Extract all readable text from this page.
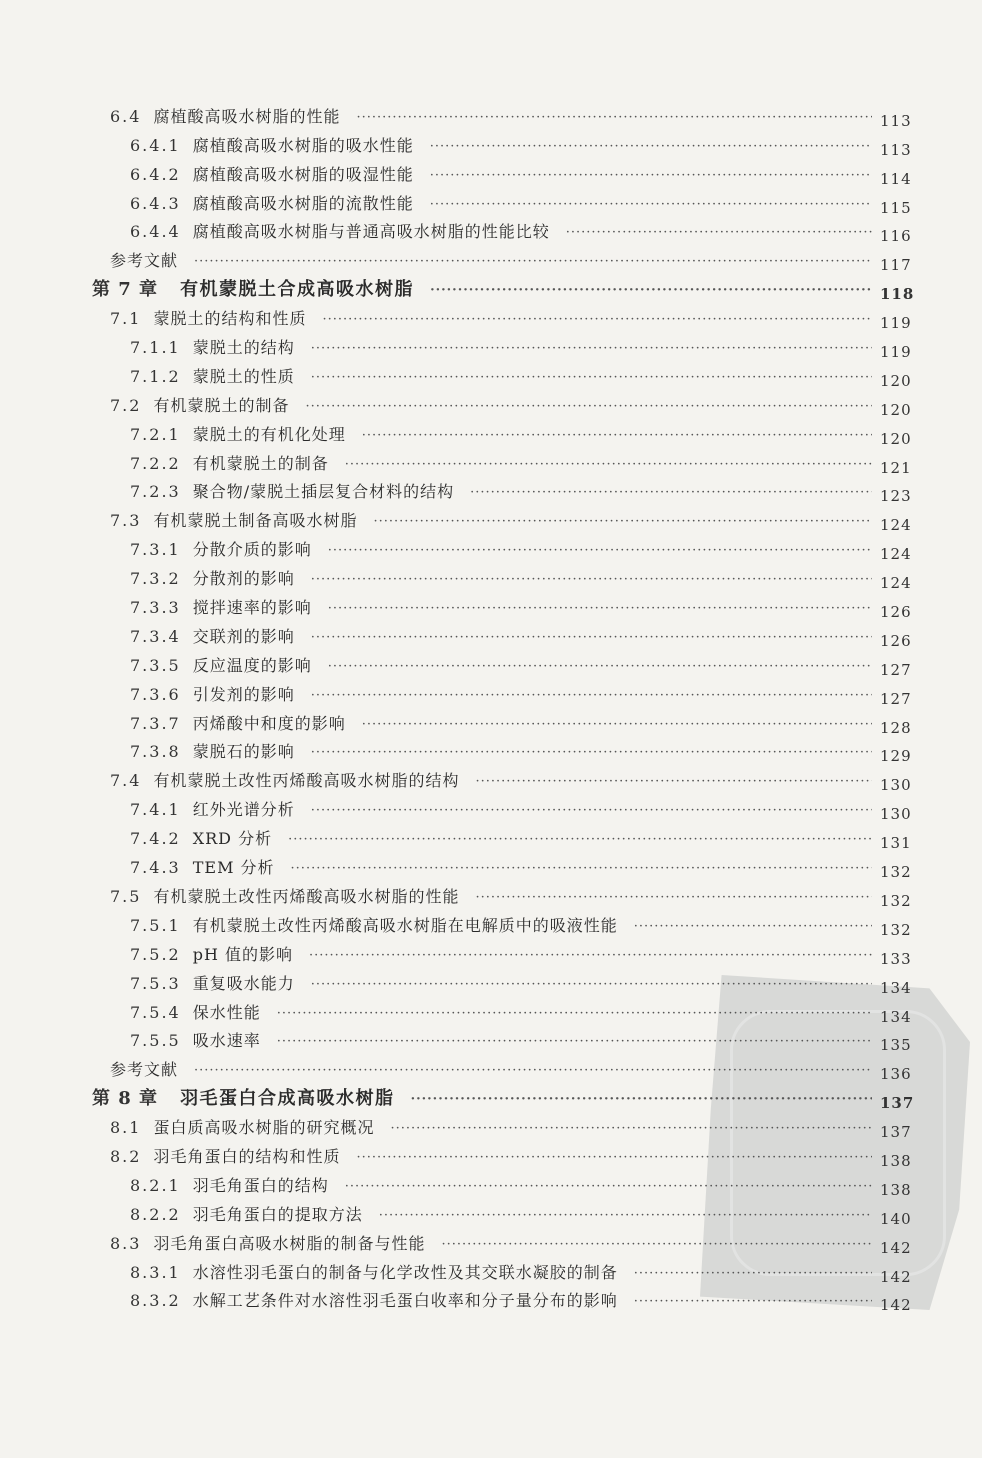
6.4 腐植酸高吸水树脂的性能 ·····	113
6.4.1 腐植酸高吸水树脂的吸水性能 ·····	113
6.4.2 腐植酸高吸水树脂的吸湿性能 ·····	114
6.4.3 腐植酸高吸水树脂的流散性能 ·····	115
6.4.4 腐植酸高吸水树脂与普通高吸水树脂的性能比较 ·····	116
参考文献 ·····	117
第 7 章 有机蒙脱土合成高吸水树脂 ·····	118
7.1 蒙脱土的结构和性质 ·····	119
7.1.1 蒙脱土的结构 ·····	119
7.1.2 蒙脱土的性质 ·····	120
7.2 有机蒙脱土的制备 ·····	120
7.2.1 蒙脱土的有机化处理 ·····	120
7.2.2 有机蒙脱土的制备 ·····	121
7.2.3 聚合物/蒙脱土插层复合材料的结构 ·····	123
7.3 有机蒙脱土制备高吸水树脂 ·····	124
7.3.1 分散介质的影响 ·····	124
7.3.2 分散剂的影响 ·····	124
7.3.3 搅拌速率的影响 ·····	126
7.3.4 交联剂的影响 ·····	126
7.3.5 反应温度的影响 ·····	127
7.3.6 引发剂的影响 ·····	127
7.3.7 丙烯酸中和度的影响 ·····	128
7.3.8 蒙脱石的影响 ·····	129
7.4 有机蒙脱土改性丙烯酸高吸水树脂的结构 ·····	130
7.4.1 红外光谱分析 ·····	130
7.4.2 XRD 分析 ·····	131
7.4.3 TEM 分析 ·····	132
7.5 有机蒙脱土改性丙烯酸高吸水树脂的性能 ·····	132
7.5.1 有机蒙脱土改性丙烯酸高吸水树脂在电解质中的吸液性能 ·····	132
7.5.2 pH 值的影响 ·····	133
7.5.3 重复吸水能力 ·····	134
7.5.4 保水性能 ·····	134
7.5.5 吸水速率 ·····	135
参考文献 ·····	136
第 8 章 羽毛蛋白合成高吸水树脂 ·····	137
8.1 蛋白质高吸水树脂的研究概况 ·····	137
8.2 羽毛角蛋白的结构和性质 ·····	138
8.2.1 羽毛角蛋白的结构 ·····	138
8.2.2 羽毛角蛋白的提取方法 ·····	140
8.3 羽毛角蛋白高吸水树脂的制备与性能 ·····	142
8.3.1 水溶性羽毛蛋白的制备与化学改性及其交联水凝胶的制备 ·····	142
8.3.2 水解工艺条件对水溶性羽毛蛋白收率和分子量分布的影响 ·····	142
